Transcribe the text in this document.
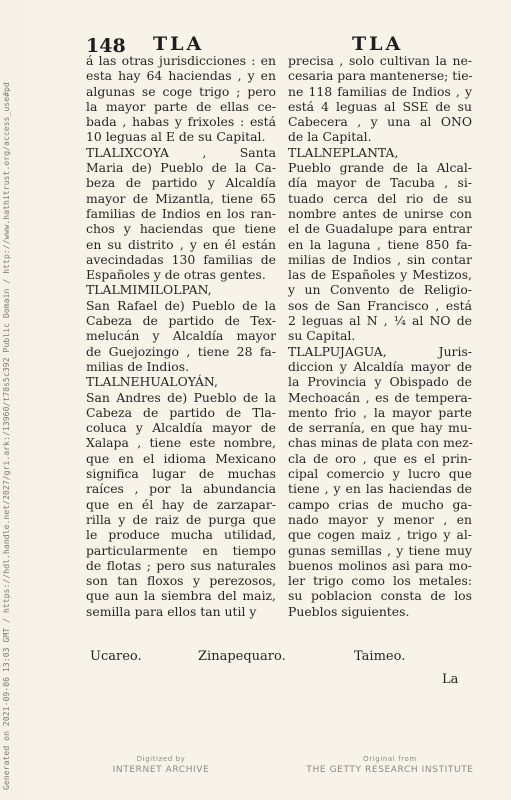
Generated on 2021-09-06 13:03 GMT / https://hdl.handle.net/2027/gri.ark:/13960/t78s5c392 Public Domain / http://www.hathitrust.org/access_use#pd
148 TLA	TLA
á las otras jurisdicciones : en
esta hay 64 haciendas , y en
algunas se coge trigo ; pero
la mayor parte de ellas ce-
bada , habas y frixoles : está
10 leguas al E de su Capital.
TLALIXCOYA , Santa
Maria de) Pueblo de la Ca-
beza de partido y Alcaldía
mayor de Mizantla, tiene 65
familias de Indios en los ran-
chos y haciendas que tiene
en su distrito , y en él están
avecindadas 130 familias de
Españoles y de otras gentes.
TLALMIMILOLPAN,
San Rafael de) Pueblo de la
Cabeza de partido de Tex-
melucán y Alcaldía mayor
de Guejozingo , tiene 28 fa-
milias de Indios.
TLALNEHUALOYÁN,
San Andres de) Pueblo de la
Cabeza de partido de Tla-
coluca y Alcaldía mayor de
Xalapa , tiene este nombre,
que en el idioma Mexicano
significa lugar de muchas
raíces , por la abundancia
que en él hay de zarzapar-
rilla y de raiz de purga que
le produce mucha utilidad,
particularmente en tiempo
de flotas ; pero sus naturales
son tan floxos y perezosos,
que aun la siembra del maiz,
semilla para ellos tan util y
precisa , solo cultivan la ne-
cesaria para mantenerse; tie-
ne 118 familias de Indios , y
está 4 leguas al SSE de su
Cabecera , y una al ONO
de la Capital.
TLALNEPLANTA,
Pueblo grande de la Alcal-
día mayor de Tacuba , si-
tuado cerca del rio de su
nombre antes de unirse con
el de Guadalupe para entrar
en la laguna , tiene 850 fa-
milias de Indios , sin contar
las de Españoles y Mestizos,
y un Convento de Religio-
sos de San Francisco , está
2 leguas al N , ¼ al NO de
su Capital.
TLALPUJAGUA, Juris-
diccion y Alcaldía mayor de
la Provincia y Obispado de
Mechoacán , es de tempera-
mento frio , la mayor parte
de serranía, en que hay mu-
chas minas de plata con mez-
cla de oro , que es el prin-
cipal comercio y lucro que
tiene , y en las haciendas de
campo crias de mucho ga-
nado mayor y menor , en
que cogen maiz , trigo y al-
gunas semillas , y tiene muy
buenos molinos asi para mo-
ler trigo como los metales:
su poblacion consta de los
Pueblos siguientes.
Ucareo.	Zinapequaro.	Taimeo.
La
Digitized by
INTERNET ARCHIVE
Original from
THE GETTY RESEARCH INSTITUTE
